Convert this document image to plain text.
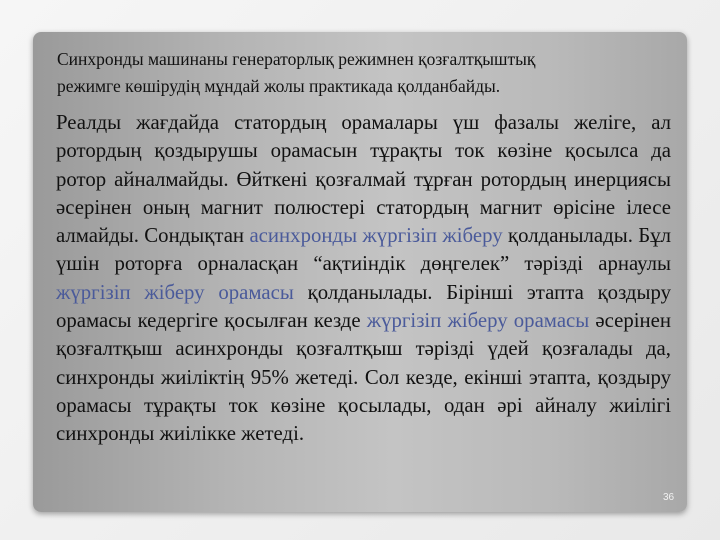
Синхронды машинаны генераторлық режимнен қозғалтқыштық
режимге көшірудің мұндай жолы практикада қолданбайды.
Реалды жағдайда статордың орамалары үш фазалы желіге, ал ротордың қоздырушы орамасын тұрақты ток көзіне қосылса да ротор айналмайды. Өйткені қозғалмай тұрған ротордың инерциясы әсерінен оның магнит полюстері статордың магнит өрісіне ілесе алмайды. Сондықтан асинхронды жүргізіп жіберу қолданылады. Бұл үшін роторға орналасқан “ақтиіндік дөңгелек” тәрізді арнаулы жүргізіп жіберу орамасы қолданылады. Бірінші этапта қоздыру орамасы кедергіге қосылған кезде жүргізіп жіберу орамасы әсерінен қозғалтқыш асинхронды қозғалтқыш тәрізді үдей қозғалады да, синхронды жиіліктің 95% жетеді. Сол кезде, екінші этапта, қоздыру орамасы тұрақты ток көзіне қосылады, одан әрі айналу жиілігі синхронды жиілікке жетеді.
36
